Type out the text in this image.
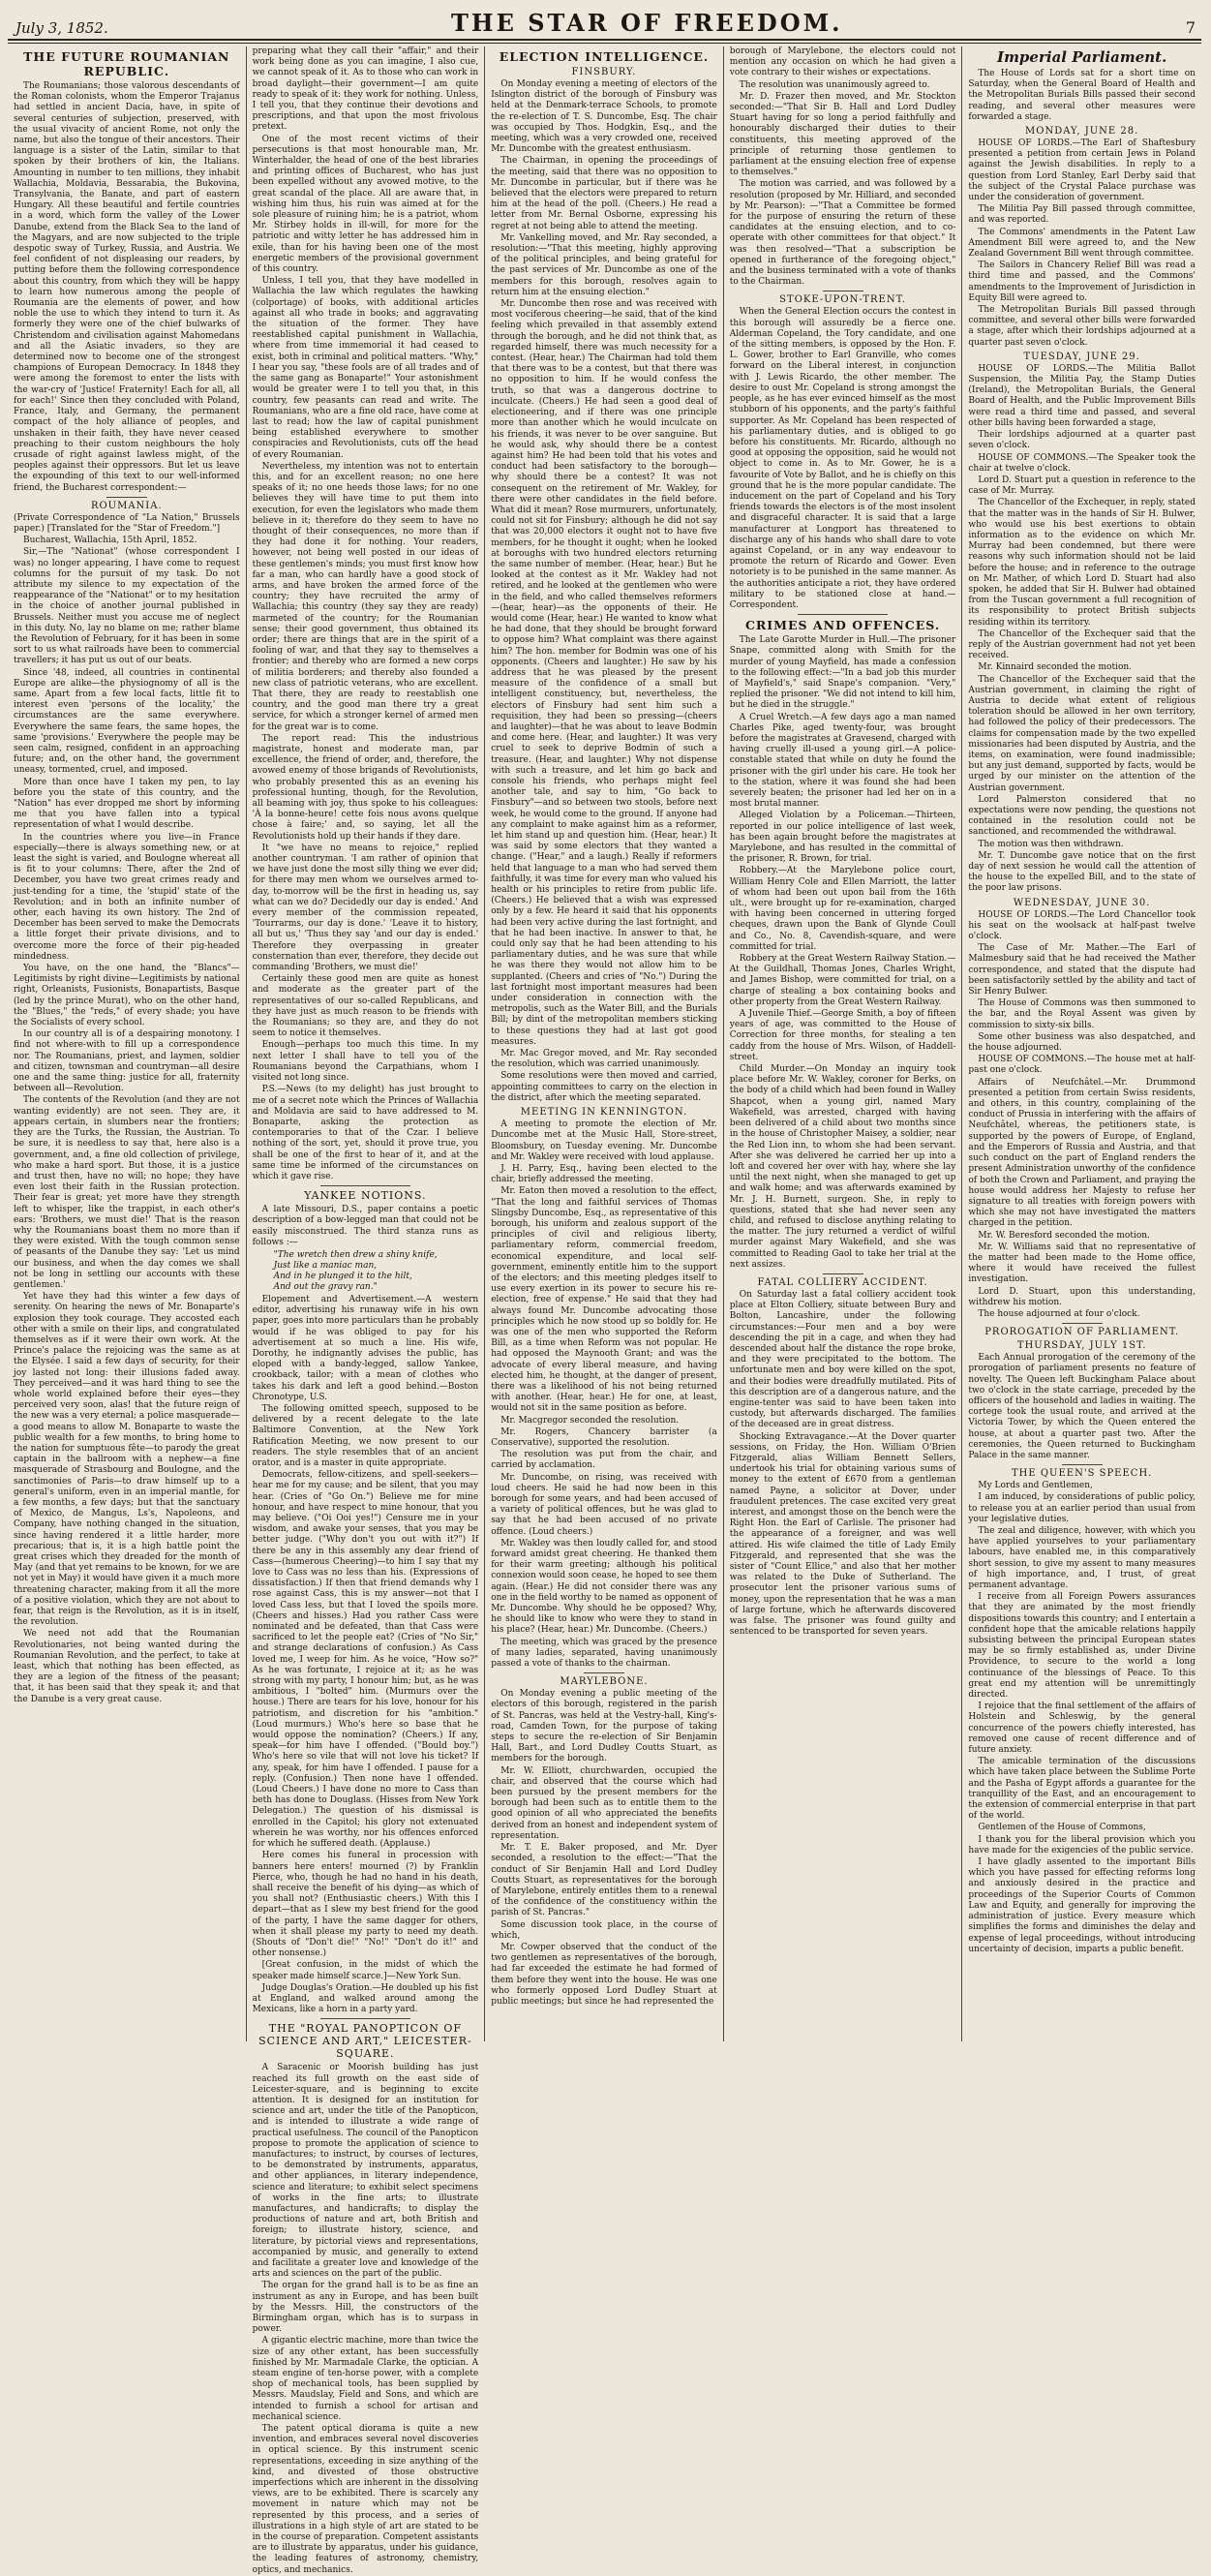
July 3, 1852.	THE STAR OF FREEDOM.	7
THE FUTURE ROUMANIAN REPUBLIC.

The Roumanians; those valorous descendants of the Roman colonists, whom the Emperor Trajanus had settled in ancient Dacia, have, in spite of several centuries of subjection, preserved, with the usual vivacity of ancient Rome, not only the name, but also the tongue of their ancestors. Their language is a sister of the Latin, similar to that spoken by their brothers of kin, the Italians. Amounting in number to ten millions, they inhabit Wallachia, Moldavia, Bessarabia, the Bukovina, Transylvania, the Banate, and part of eastern Hungary. All these beautiful and fertile countries in a word, which form the valley of the Lower Danube, extend from the Black Sea to the land of the Magyars, and are now subjected to the triple despotic sway of Turkey, Russia, and Austria. We feel confident of not displeasing our readers, by putting before them the following correspondence about this country, from which they will be happy to learn how numerous among the people of Roumania are the elements of power, and how noble the use to which they intend to turn it. As formerly they were one of the chief bulwarks of Christendom and civilisation against Mahomedans and all the Asiatic invaders, so they are determined now to become one of the strongest champions of European Democracy. In 1848 they were among the foremost to enter the lists with the war-cry of 'Justice! Fraternity! Each for all, all for each!' Since then they concluded with Poland, France, Italy, and Germany, the permanent compact of the holy alliance of peoples, and unshaken in their faith, they have never ceased preaching to their custom neighbours the holy crusade of right against lawless might, of the peoples against their oppressors. But let us leave the expounding of this text to our well-informed friend, the Bucharest correspondent:—

ROUMANIA.

(Private Correspondence of "La Nation," Brussels paper.) [Translated for the "Star of Freedom."]

Bucharest, Wallachia, 15th April, 1852.

Sir,—The "Nationat" (whose correspondent I was) no longer appearing, I have come to request columns for the pursuit of my task. Do not attribute my silence to my expectation of the reappearance of the "Nationat" or to my hesitation in the choice of another journal published in Brussels. Neither must you accuse me of neglect in this duty. No, lay no blame on me; rather blame the Revolution of February, for it has been in some sort to us what railroads have been to commercial travellers; it has put us out of our beats.

Since '48, indeed, all countries in continental Europe are alike—the physiognomy of all is the same. Apart from a few local facts, little fit to interest even 'persons of the locality,' the circumstances are the same everywhere. Everywhere the same fears, the same hopes, the same 'provisions.' Everywhere the people may be seen calm, resigned, confident in an approaching future; and, on the other hand, the government uneasy, tormented, cruel, and imposed.

More than once have I taken my pen, to lay before you the state of this country, and the "Nation" has ever dropped me short by informing me that you have fallen into a typical representation of what I would describe.

In the countries where you live—in France especially—there is always something new, or at least the sight is varied, and Boulogne whereat all is fit to your columns: There, after the 2nd of December, you have two great crimes ready and just-tending for a time, the 'stupid' state of the Revolution; and in both an infinite number of other, each having its own history. The 2nd of December has been served to make the Democrats a little forget their private divisions, and to overcome more the force of their pig-headed mindedness.

You have, on the one hand, the "Blancs"—Legitimists by right divine—Legitimists by national right, Orleanists, Fusionists, Bonapartists, Basque (led by the prince Murat), who on the other hand, the "Blues," the "reds," of every shade; you have the Socialists of every school.

In our country all is of a despairing monotony. I find not where-with to fill up a correspondence nor. The Roumanians, priest, and laymen, soldier and citizen, townsman and countryman—all desire one and the same thing: justice for all, fraternity between all—Revolution.

The contents of the Revolution (and they are not wanting evidently) are not seen. They are, it appears certain, in slumbers near the frontiers; they are the Turks, the Russian, the Austrian. To be sure, it is needless to say that, here also is a government, and, a fine old collection of privilege, who make a hard sport. But those, it is a justice and trust then, have no will; no hope; they have even lost their faith in the Russian protection. Their fear is great; yet more have they strength left to whisper, like the trappist, in each other's ears: 'Brothers, we must die!' That is the reason why the Roumanians boast them no more than if they were existed. With the tough common sense of peasants of the Danube they say: 'Let us mind our business, and when the day comes we shall not be long in settling our accounts with these gentlemen.'

Yet have they had this winter a few days of serenity. On hearing the news of Mr. Bonaparte's explosion they took courage. They accosted each other with a smile on their lips, and congratulated themselves as if it were their own work. At the Prince's palace the rejoicing was the same as at the Elysée. I said a few days of security, for their joy lasted not long: their illusions faded away. They perceived—and it was hard thing to see the whole world explained before their eyes—they perceived very soon, alas! that the future reign of the new was a very eternal; a police masquerade—a good means to allow M. Bonaparte to waste the public wealth for a few months, to bring home to the nation for sumptuous fête—to parody the great captain in the ballroom with a nephew—a fine masquerade of Strasbourg and Boulogne, and the sanctimonies of Paris—to draw himself up to a general's uniform, even in an imperial mantle, for a few months, a few days; but that the sanctuary of Mexico, de Mangus, Ls's, Napoleons, and Company, have nothing changed in the situation, since having rendered it a little harder, more precarious; that is, it is a high battle point the great crises which they dreaded for the month of May (and that yet remains to be known, for we are not yet in May) it would have given it a much more threatening character, making from it all the more of a positive violation, which they are not about to fear, that reign is the Revolution, as it is in itself, the revolution.

We need not add that the Roumanian Revolutionaries, not being wanted during the Roumanian Revolution, and the perfect, to take at least, which that nothing has been effected, as they are a legion of the fitness of the peasant; that, it has been said that they speak it; and that the Danube is a very great cause.

preparing what they call their "affair," and their work being done as you can imagine, I also cue, we cannot speak of it. As to those who can work in broad daylight—their government—I am quite ready to speak of it: they work for nothing. Unless, I tell you, that they continue their devotions and prescriptions, and that upon the most frivolous pretext.

One of the most recent victims of their persecutions is that most honourable man, Mr. Winterhalder, the head of one of the best libraries and printing offices of Bucharest, who has just been expelled without any avowed motive, to the great scandal of the place. All are aware that, in wishing him thus, his ruin was aimed at for the sole pleasure of ruining him; he is a patriot, whom Mr. Stirbey holds in ill-will, for more for the patriotic and witty letter he has addressed him in exile, than for his having been one of the most energetic members of the provisional government of this country.

Unless, I tell you, that they have modelled in Wallachia the law which regulates the hawking (colportage) of books, with additional articles against all who trade in books; and aggravating the situation of the former. They have reestablished capital punishment in Wallachia, where from time immemorial it had ceased to exist, both in criminal and political matters. "Why," I hear you say, "these fools are of all trades and of the same gang as Bonaparte!" Your astonishment would be greater were I to tell you that, in this country, few peasants can read and write. The Roumanians, who are a fine old race, have come at last to read; how the law of capital punishment being established everywhere to smother conspiracies and Revolutionists, cuts off the head of every Roumanian.

Nevertheless, my intention was not to entertain this, and for an excellent reason; no one here speaks of it; no one heeds those laws; for no one believes they will have time to put them into execution, for even the legislators who made them believe in it; therefore do they seem to have no thought of their consequences, no more than if they had done it for nothing. Your readers, however, not being well posted in our ideas of these gentlemen's minds; you must first know how far a man, who can hardly have a good stock of arms, and have broken the armed force of the country; they have recruited the army of Wallachia; this country (they say they are ready) marmeted of the country; for the Roumanian sense; their good government, thus obtained its order; there are things that are in the spirit of a fooling of war, and that they say to themselves a frontier; and thereby who are formed a new corps of militia borderers; and thereby also founded a new class of patriotic veterans, who are excellent. That there, they are ready to reestablish one country, and the good man there try a great service, for which a stronger kernel of armed men for the great war is to come.

The report read: This the industrious magistrate, honest and moderate man, par excellence, the friend of order, and, therefore, the avowed enemy of those brigands of Revolutionists, who probably presented this as an evening his professional hunting, though, for the Revolution, all beaming with joy, thus spoke to his colleagues: 'À la bonne-heure! cette fois nous avons quelque chose à faire;' and, so saying, let all the Revolutionists hold up their hands if they dare.

It "we have no means to rejoice," replied another countryman. 'I am rather of opinion that we have just done the most silly thing we ever did; for there may men whom we ourselves armed to-day, to-morrow will be the first in heading us, say what can we do? Decidedly our day is ended.' And every member of the commission repeated, 'Tourrarms, our day is done.' 'Leave it to history, all but us,' 'Thus they say 'and our day is ended.' Therefore they overpassing in greater consternation than ever, therefore, they decide out commanding 'Brothers, we must die!'

Certainly these good men are quite as honest and moderate as the greater part of the representatives of our so-called Republicans, and they have just as much reason to be friends with the Roumanians; so they are, and they do not seem to notice it themselves.

Enough—perhaps too much this time. In my next letter I shall have to tell you of the Roumanians beyond the Carpathians, whom I visited not long since.

P.S.—News (to my delight) has just brought to me of a secret note which the Princes of Wallachia and Moldavia are said to have addressed to M. Bonaparte, asking the protection as contemporaries to that of the Czar. I believe nothing of the sort, yet, should it prove true, you shall be one of the first to hear of it, and at the same time be informed of the circumstances on which it gave rise.

YANKEE NOTIONS.

A late Missouri, D.S., paper contains a poetic description of a bow-legged man that could not be easily misconstrued. The third stanza runs as follows :—

"The wretch then drew a shiny knife,
Just like a maniac man,
And in he plunged it to the hilt,
And out the gravy ran."

Elopement and Advertisement.—A western editor, advertising his runaway wife in his own paper, goes into more particulars than he probably would if he was obliged to pay for his advertisement at so much a line. His wife, Dorothy, he indignantly advises the public, has eloped with a bandy-legged, sallow Yankee, crookback, tailor; with a mean of clothes who takes his dark and left a good behind.—Boston Chronotype, U.S.

The following omitted speech, supposed to be delivered by a recent delegate to the late Baltimore Convention, at the New York Ratification Meeting, we now present to our readers. The style resembles that of an ancient orator, and is a master in quite appropriate.

Democrats, fellow-citizens, and spell-seekers—hear me for my cause; and be silent, that you may hear. (Cries of "Go On.") Believe me for mine honour, and have respect to mine honour, that you may believe. ("Oi Ooi yes!") Censure me in your wisdom, and awake your senses, that you may be better judge. ("Why don't you out with it?") If there be any in this assembly any dear friend of Cass—(humerous Cheering)—to him I say that my love to Cass was no less than his. (Expressions of dissatisfaction.) If then that friend demands why I rose against Cass, this is my answer—not that I loved Cass less, but that I loved the spoils more. (Cheers and hisses.) Had you rather Cass were nominated and be defeated, than that Cass were sacrificed to let the people eat? (Cries of "No Sir," and strange declarations of confusion.) As Cass loved me, I weep for him. As he voice, "How so?" As he was fortunate, I rejoice at it; as he was strong with my party, I honour him; but, as he was ambitious, I "bolted" him. (Murmurs over the house.) There are tears for his love, honour for his patriotism, and discretion for his "ambition." (Loud murmurs.) Who's here so base that he would oppose the nomination? (Cheers.) If any, speak—for him have I offended. ("Bould boy.") Who's here so vile that will not love his ticket? If any, speak, for him have I offended. I pause for a reply. (Confusion.) Then none have I offended. (Loud Cheers.) I have done no more to Cass than beth has done to Douglass. (Hisses from New York Delegation.) The question of his dismissal is enrolled in the Capitol; his glory not extenuated wherein he was worthy, nor his offences enforced for which he suffered death. (Applause.)

Here comes his funeral in procession with banners here enters! mourned (?) by Franklin Pierce, who, though he had no hand in his death, shall receive the benefit of his dying—as which of you shall not? (Enthusiastic cheers.) With this I depart—that as I slew my best friend for the good of the party, I have the same dagger for others, when it shall please my party to need my death. (Shouts of "Don't die!" "No!" "Don't do it!" and other nonsense.)

[Great confusion, in the midst of which the speaker made himself scarce.]—New York Sun.

Judge Douglas's Oration.—He doubled up his fist at England, and walked around among the Mexicans, like a horn in a party yard.

THE "ROYAL PANOPTICON OF SCIENCE AND ART," LEICESTER-SQUARE.

A Saracenic or Moorish building has just reached its full growth on the east side of Leicester-square, and is beginning to excite attention. It is designed for an institution for science and art, under the title of the Panopticon, and is intended to illustrate a wide range of practical usefulness. The council of the Panopticon propose to promote the application of science to manufactures; to instruct, by courses of lectures, to be demonstrated by instruments, apparatus, and other appliances, in literary independence, science and literature; to exhibit select specimens of works in the fine arts; to illustrate manufactures, and handicrafts; to display the productions of nature and art, both British and foreign; to illustrate history, science, and literature, by pictorial views and representations, accompanied by music, and generally to extend and facilitate a greater love and knowledge of the arts and sciences on the part of the public.

The organ for the grand hall is to be as fine an instrument as any in Europe, and has been built by the Messrs. Hill, the constructors of the Birmingham organ, which has is to surpass in power.

A gigantic electric machine, more than twice the size of any other extant, has been successfully finished by Mr. Marmadale Clarke, the optician. A steam engine of ten-horse power, with a complete shop of mechanical tools, has been supplied by Messrs. Maudslay, Field and Sons, and which are intended to furnish a school for artisan and mechanical science.

The patent optical diorama is quite a new invention, and embraces several novel discoveries in optical science. By this instrument scenic representations, exceeding in size anything of the kind, and divested of those obstructive imperfections which are inherent in the dissolving views, are to be exhibited. There is scarcely any movement in nature which may not be represented by this process, and a series of illustrations in a high style of art are stated to be in the course of preparation. Competent assistants are to illustrate by apparatus, under his guidance, the leading features of astronomy, chemistry, optics, and mechanics.

ELECTION INTELLIGENCE.
FINSBURY.

On Monday evening a meeting of electors of the Islington district of the borough of Finsbury was held at the Denmark-terrace Schools, to promote the re-election of T. S. Duncombe, Esq. The chair was occupied by Thos. Hodgkin, Esq., and the meeting, which was a very crowded one, received Mr. Duncombe with the greatest enthusiasm.

The Chairman, in opening the proceedings of the meeting, said that there was no opposition to Mr. Duncombe in particular, but if there was he believed that the electors were prepared to return him at the head of the poll. (Cheers.) He read a letter from Mr. Bernal Osborne, expressing his regret at not being able to attend the meeting.

Mr. Vankelling moved, and Mr. Ray seconded, a resolution:—"That this meeting, highly approving of the political principles, and being grateful for the past services of Mr. Duncombe as one of the members for this borough, resolves again to return him at the ensuing election."

Mr. Duncombe then rose and was received with most vociferous cheering—he said, that of the kind feeling which prevailed in that assembly extend through the borough, and he did not think that, as regarded himself, there was much necessity for a contest. (Hear, hear.) The Chairman had told them that there was to be a contest, but that there was no opposition to him. If he would confess the truth, so that was a dangerous doctrine to inculcate. (Cheers.) He had seen a good deal of electioneering, and if there was one principle more than another which he would inculcate on his friends, it was never to be over sanguine. But he would ask, why should there be a contest against him? He had been told that his votes and conduct had been satisfactory to the borough—why should there be a contest? It was not consequent on the retirement of Mr. Wakley, for there were other candidates in the field before. What did it mean? Rose murmurers, unfortunately, could not sit for Finsbury; although he did not say that was 20,000 electors it ought not to have five members, for he thought it ought; when he looked at boroughs with two hundred electors returning the same number of member. (Hear, hear.) But he looked at the contest as it Mr. Wakley had not retired, and he looked at the gentlemen who were in the field, and who called themselves reformers—(hear, hear)—as the opponents of their. He would come (Hear, hear.) He wanted to know what he had done, that they should be brought forward to oppose him? What complaint was there against him? The hon. member for Bodmin was one of his opponents. (Cheers and laughter.) He saw by his address that he was pleased by the present measure of the confidence of a small but intelligent constituency, but, nevertheless, the electors of Finsbury had sent him such a requisition, they had been so pressing—(cheers and laughter)—that he was about to leave Bodmin and come here. (Hear, and laughter.) It was very cruel to seek to deprive Bodmin of such a treasure. (Hear, and laughter.) Why not dispense with such a treasure, and let him go back and console his friends, who perhaps might feel another tale, and say to him, "Go back to Finsbury"—and so between two stools, before next week, he would come to the ground. If anyone had any complaint to make against him as a reformer, let him stand up and question him. (Hear, hear.) It was said by some electors that they wanted a change. ("Hear," and a laugh.) Really if reformers held that language to a man who had served them faithfully, it was time for every man who valued his health or his principles to retire from public life. (Cheers.) He believed that a wish was expressed only by a few. He heard it said that his opponents had been very active during the last fortnight, and that he had been inactive. In answer to that, he could only say that he had been attending to his parliamentary duties, and he was sure that while he was there they would not allow him to be supplanted. (Cheers and cries of "No.") During the last fortnight most important measures had been under consideration in connection with the metropolis, such as the Water Bill, and the Burials Bill; by dint of the metropolitan members sticking to these questions they had at last got good measures.

Mr. Mac Gregor moved, and Mr. Ray seconded the resolution, which was carried unanimously.

Some resolutions were then moved and carried, appointing committees to carry on the election in the district, after which the meeting separated.

MEETING IN KENNINGTON.

A meeting to promote the election of Mr. Duncombe met at the Music Hall, Store-street, Bloomsbury, on Tuesday evening. Mr. Duncombe and Mr. Wakley were received with loud applause.

J. H. Parry, Esq., having been elected to the chair, briefly addressed the meeting.

Mr. Eaton then moved a resolution to the effect, "That the long and faithful services of Thomas Slingsby Duncombe, Esq., as representative of this borough, his uniform and zealous support of the principles of civil and religious liberty, parliamentary reform, commercial freedom, economical expenditure, and local self-government, eminently entitle him to the support of the electors; and this meeting pledges itself to use every exertion in its power to secure his re-election, free of expense." He said that they had always found Mr. Duncombe advocating those principles which he now stood up so boldly for. He was one of the men who supported the Reform Bill, as a time when Reform was not popular. He had opposed the Maynooth Grant; and was the advocate of every liberal measure, and having elected him, he thought, at the danger of present, there was a likelihood of his not being returned with another. (Hear, hear.) He for one, at least, would not sit in the same position as before.

Mr. Macgregor seconded the resolution.

Mr. Rogers, Chancery barrister (a Conservative), supported the resolution.

The resolution was put from the chair, and carried by acclamation.

Mr. Duncombe, on rising, was received with loud cheers. He said he had now been in this borough for some years, and had been accused of a variety of political offences, but he was glad to say that he had been accused of no private offence. (Loud cheers.)

Mr. Wakley was then loudly called for, and stood forward amidst great cheering. He thanked them for their warm greeting; although his political connexion would soon cease, he hoped to see them again. (Hear.) He did not consider there was any one in the field worthy to be named as opponent of Mr. Duncombe. Why should he be opposed? Why, he should like to know who were they to stand in his place? (Hear, hear.) Mr. Duncombe. (Cheers.)

The meeting, which was graced by the presence of many ladies, separated, having unanimously passed a vote of thanks to the chairman.

MARYLEBONE.

On Monday evening a public meeting of the electors of this borough, registered in the parish of St. Pancras, was held at the Vestry-hall, King's-road, Camden Town, for the purpose of taking steps to secure the re-election of Sir Benjamin Hall, Bart., and Lord Dudley Coutts Stuart, as members for the borough.

Mr. W. Elliott, churchwarden, occupied the chair, and observed that the course which had been pursued by the present members for the borough had been such as to entitle them to the good opinion of all who appreciated the benefits derived from an honest and independent system of representation.

Mr. T. E. Baker proposed, and Mr. Dyer seconded, a resolution to the effect:—"That the conduct of Sir Benjamin Hall and Lord Dudley Coutts Stuart, as representatives for the borough of Marylebone, entirely entitles them to a renewal of the confidence of the constituency within the parish of St. Pancras."

Some discussion took place, in the course of which,

Mr. Cowper observed that the conduct of the two gentlemen as representatives of the borough, had far exceeded the estimate he had formed of them before they went into the house. He was one who formerly opposed Lord Dudley Stuart at public meetings; but since he had represented the

borough of Marylebone, the electors could not mention any occasion on which he had given a vote contrary to their wishes or expectations.

The resolution was unanimously agreed to.

Mr. D. Frazer then moved, and Mr. Stockton seconded:—"That Sir B. Hall and Lord Dudley Stuart having for so long a period faithfully and honourably discharged their duties to their constituents, this meeting approved of the principle of returning those gentlemen to parliament at the ensuing election free of expense to themselves."

The motion was carried, and was followed by a resolution (proposed by Mr. Hilliard, and seconded by Mr. Pearson): —"That a Committee be formed for the purpose of ensuring the return of these candidates at the ensuing election, and to co-operate with other committees for that object." It was then resolved—"That a subscription be opened in furtherance of the foregoing object," and the business terminated with a vote of thanks to the Chairman.

STOKE-UPON-TRENT.

When the General Election occurs the contest in this borough will assuredly be a fierce one. Alderman Copeland, the Tory candidate, and one of the sitting members, is opposed by the Hon. F. L. Gower, brother to Earl Granville, who comes forward on the Liberal interest, in conjunction with J. Lewis Ricardo, the other member. The desire to oust Mr. Copeland is strong amongst the people, as he has ever evinced himself as the most stubborn of his opponents, and the party's faithful supporter. As Mr. Copeland has been respected of his parliamentary duties, and is obliged to go before his constituents. Mr. Ricardo, although no good at opposing the opposition, said he would not object to come in. As to Mr. Gower, he is a favourite of Vote by Ballot, and he is chiefly on this ground that he is the more popular candidate. The inducement on the part of Copeland and his Tory friends towards the electors is of the most insolent and disgraceful character. It is said that a large manufacturer at Longport has threatened to discharge any of his hands who shall dare to vote against Copeland, or in any way endeavour to promote the return of Ricardo and Gower. Even notoriety is to be punished in the same manner. As the authorities anticipate a riot, they have ordered military to be stationed close at hand.—Correspondent.

CRIMES AND OFFENCES.

The Late Garotte Murder in Hull.—The prisoner Snape, committed along with Smith for the murder of young Mayfield, has made a confession to the following effect:—"In a bad job this murder of Mayfield's," said Snape's companion. "Very," replied the prisoner. "We did not intend to kill him, but he died in the struggle."

A Cruel Wretch.—A few days ago a man named Charles Pike, aged twenty-four, was brought before the magistrates at Gravesend, charged with having cruelly ill-used a young girl.—A police-constable stated that while on duty he found the prisoner with the girl under his care. He took her to the station, where it was found she had been severely beaten; the prisoner had led her on in a most brutal manner.

Alleged Violation by a Policeman.—Thirteen, reported in our police intelligence of last week, has been again brought before the magistrates at Marylebone, and has resulted in the committal of the prisoner, R. Brown, for trial.

Robbery.—At the Marylebone police court, William Henry Cole and Ellen Marriott, the latter of whom had been out upon bail from the 16th ult., were brought up for re-examination, charged with having been concerned in uttering forged cheques, drawn upon the Bank of Glynde Coull and Co., No. 8, Cavendish-square, and were committed for trial.

Robbery at the Great Western Railway Station.—At the Guildhall, Thomas Jones, Charles Wright, and James Bishop, were committed for trial, on a charge of stealing a box containing books and other property from the Great Western Railway.

A Juvenile Thief.—George Smith, a boy of fifteen years of age, was committed to the House of Correction for three months, for stealing a ten caddy from the house of Mrs. Wilson, of Haddell-street.

Child Murder.—On Monday an inquiry took place before Mr. W. Wakley, coroner for Berks, on the body of a child which had been found in Walley Shapcot, when a young girl, named Mary Wakefield, was arrested, charged with having been delivered of a child about two months since in the house of Christopher Maisey, a soldier, near the Red Lion inn, to whom she had been servant. After she was delivered he carried her up into a loft and covered her over with hay, where she lay until the next night, when she managed to get up and walk home; and was afterwards examined by Mr. J. H. Burnett, surgeon. She, in reply to questions, stated that she had never seen any child, and refused to disclose anything relating to the matter. The jury returned a verdict of wilful murder against Mary Wakefield, and she was committed to Reading Gaol to take her trial at the next assizes.

FATAL COLLIERY ACCIDENT.

On Saturday last a fatal colliery accident took place at Elton Colliery, situate between Bury and Bolton, Lancashire, under the following circumstances:—Four men and a boy were descending the pit in a cage, and when they had descended about half the distance the rope broke, and they were precipitated to the bottom. The unfortunate men and boy were killed on the spot, and their bodies were dreadfully mutilated. Pits of this description are of a dangerous nature, and the engine-tenter was said to have been taken into custody, but afterwards discharged. The families of the deceased are in great distress.

Shocking Extravagance.—At the Dover quarter sessions, on Friday, the Hon. William O'Brien Fitzgerald, alias William Bennett Sellers, undertook his trial for obtaining various sums of money to the extent of £670 from a gentleman named Payne, a solicitor at Dover, under fraudulent pretences. The case excited very great interest, and amongst those on the bench were the Right Hon. the Earl of Carlisle. The prisoner had the appearance of a foreigner, and was well attired. His wife claimed the title of Lady Emily Fitzgerald, and represented that she was the sister of "Count Ellice," and also that her mother was related to the Duke of Sutherland. The prosecutor lent the prisoner various sums of money, upon the representation that he was a man of large fortune, which he afterwards discovered was false. The prisoner was found guilty and sentenced to be transported for seven years.

Imperial Parliament.

The House of Lords sat for a short time on Saturday, when the General Board of Health and the Metropolitan Burials Bills passed their second reading, and several other measures were forwarded a stage.

MONDAY, JUNE 28.

HOUSE OF LORDS.—The Earl of Shaftesbury presented a petition from certain Jews in Poland against the Jewish disabilities. In reply to a question from Lord Stanley, Earl Derby said that the subject of the Crystal Palace purchase was under the consideration of government.

The Militia Pay Bill passed through committee, and was reported.

The Commons' amendments in the Patent Law Amendment Bill were agreed to, and the New Zealand Government Bill went through committee.

The Sailors in Chancery Relief Bill was read a third time and passed, and the Commons' amendments to the Improvement of Jurisdiction in Equity Bill were agreed to.

The Metropolitan Burials Bill passed through committee, and several other bills were forwarded a stage, after which their lordships adjourned at a quarter past seven o'clock.

TUESDAY, JUNE 29.

HOUSE OF LORDS.—The Militia Ballot Suspension, the Militia Pay, the Stamp Duties (Ireland), the Metropolitan Burials, the General Board of Health, and the Public Improvement Bills were read a third time and passed, and several other bills having been forwarded a stage,

Their lordships adjourned at a quarter past seven o'clock.

HOUSE OF COMMONS.—The Speaker took the chair at twelve o'clock.

Lord D. Stuart put a question in reference to the case of Mr. Murray.

The Chancellor of the Exchequer, in reply, stated that the matter was in the hands of Sir H. Bulwer, who would use his best exertions to obtain information as to the evidence on which Mr. Murray had been condemned, but there were reasons why such information should not be laid before the house; and in reference to the outrage on Mr. Mather, of which Lord D. Stuart had also spoken, he added that Sir H. Bulwer had obtained from the Tuscan government a full recognition of its responsibility to protect British subjects residing within its territory.

The Chancellor of the Exchequer said that the reply of the Austrian government had not yet been received.

Mr. Kinnaird seconded the motion.

The Chancellor of the Exchequer said that the Austrian government, in claiming the right of Austria to decide what extent of religious toleration should be allowed in her own territory, had followed the policy of their predecessors. The claims for compensation made by the two expelled missionaries had been disputed by Austria, and the items, on examination, were found inadmissible; but any just demand, supported by facts, would be urged by our minister on the attention of the Austrian government.

Lord Palmerston considered that no expectations were now pending, the questions not contained in the resolution could not be sanctioned, and recommended the withdrawal.

The motion was then withdrawn.

Mr. T. Duncombe gave notice that on the first day of next session he would call the attention of the house to the expelled Bill, and to the state of the poor law prisons.

WEDNESDAY, JUNE 30.

HOUSE OF LORDS.—The Lord Chancellor took his seat on the woolsack at half-past twelve o'clock.

The Case of Mr. Mather.—The Earl of Malmesbury said that he had received the Mather correspondence, and stated that the dispute had been satisfactorily settled by the ability and tact of Sir Henry Bulwer.

The House of Commons was then summoned to the bar, and the Royal Assent was given by commission to sixty-six bills.

Some other business was also despatched, and the house adjourned.

HOUSE OF COMMONS.—The house met at half-past one o'clock.

Affairs of Neufchâtel.—Mr. Drummond presented a petition from certain Swiss residents, and others, in this country, complaining of the conduct of Prussia in interfering with the affairs of Neufchâtel, whereas, the petitioners state, is supported by the powers of Europe, of England, and the Emperors of Russia and Austria, and that such conduct on the part of England renders the present Administration unworthy of the confidence of both the Crown and Parliament, and praying the house would address her Majesty to refuse her signature to all treaties with foreign powers with which she may not have investigated the matters charged in the petition.

Mr. W. Beresford seconded the motion.

Mr. W. Williams said that no representative of the matter had been made to the Home office, where it would have received the fullest investigation.

Lord D. Stuart, upon this understanding, withdrew his motion.

The house adjourned at four o'clock.

PROROGATION OF PARLIAMENT.
THURSDAY, JULY 1ST.

Each Annual prorogation of the ceremony of the prorogation of parliament presents no feature of novelty. The Queen left Buckingham Palace about two o'clock in the state carriage, preceded by the officers of the household and ladies in waiting. The cortege took the usual route, and arrived at the Victoria Tower, by which the Queen entered the house, at about a quarter past two. After the ceremonies, the Queen returned to Buckingham Palace in the same manner.

THE QUEEN'S SPEECH.

My Lords and Gentlemen,

I am induced, by considerations of public policy, to release you at an earlier period than usual from your legislative duties.

The zeal and diligence, however, with which you have applied yourselves to your parliamentary labours, have enabled me, in this comparatively short session, to give my assent to many measures of high importance, and, I trust, of great permanent advantage.

I receive from all Foreign Powers assurances that they are animated by the most friendly dispositions towards this country; and I entertain a confident hope that the amicable relations happily subsisting between the principal European states may be so firmly established as, under Divine Providence, to secure to the world a long continuance of the blessings of Peace. To this great end my attention will be unremittingly directed.

I rejoice that the final settlement of the affairs of Holstein and Schleswig, by the general concurrence of the powers chiefly interested, has removed one cause of recent difference and of future anxiety.

The amicable termination of the discussions which have taken place between the Sublime Porte and the Pasha of Egypt affords a guarantee for the tranquillity of the East, and an encouragement to the extension of commercial enterprise in that part of the world.

Gentlemen of the House of Commons,

I thank you for the liberal provision which you have made for the exigencies of the public service.

I have gladly assented to the important Bills which you have passed for effecting reforms long and anxiously desired in the practice and proceedings of the Superior Courts of Common Law and Equity, and generally for improving the administration of justice. Every measure which simplifies the forms and diminishes the delay and expense of legal proceedings, without introducing uncertainty of decision, imparts a public benefit.
